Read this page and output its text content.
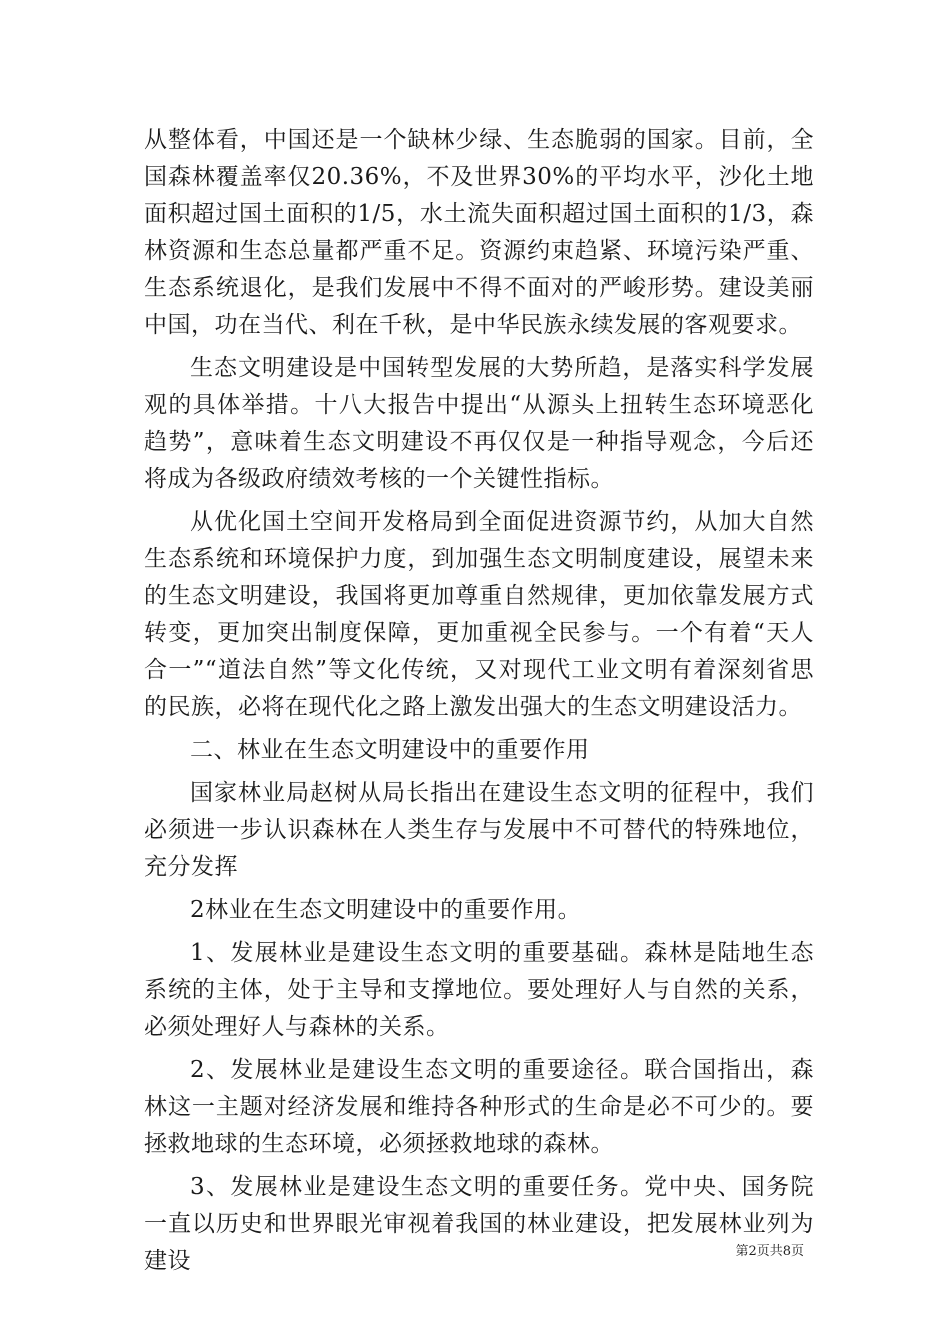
从整体看，中国还是一个缺林少绿、生态脆弱的国家。目前，全国森林覆盖率仅20.36%，不及世界30%的平均水平，沙化土地面积超过国土面积的1/5，水土流失面积超过国土面积的1/3，森林资源和生态总量都严重不足。资源约束趋紧、环境污染严重、生态系统退化，是我们发展中不得不面对的严峻形势。建设美丽中国，功在当代、利在千秋，是中华民族永续发展的客观要求。

生态文明建设是中国转型发展的大势所趋，是落实科学发展观的具体举措。十八大报告中提出“从源头上扭转生态环境恶化趋势”，意味着生态文明建设不再仅仅是一种指导观念，今后还将成为各级政府绩效考核的一个关键性指标。

从优化国土空间开发格局到全面促进资源节约，从加大自然生态系统和环境保护力度，到加强生态文明制度建设，展望未来的生态文明建设，我国将更加尊重自然规律，更加依靠发展方式转变，更加突出制度保障，更加重视全民参与。一个有着“天人合一”“道法自然”等文化传统，又对现代工业文明有着深刻省思的民族，必将在现代化之路上激发出强大的生态文明建设活力。

二、林业在生态文明建设中的重要作用

国家林业局赵树从局长指出在建设生态文明的征程中，我们必须进一步认识森林在人类生存与发展中不可替代的特殊地位，充分发挥

2林业在生态文明建设中的重要作用。

1、发展林业是建设生态文明的重要基础。森林是陆地生态系统的主体，处于主导和支撑地位。要处理好人与自然的关系，必须处理好人与森林的关系。

2、发展林业是建设生态文明的重要途径。联合国指出，森林这一主题对经济发展和维持各种形式的生命是必不可少的。要拯救地球的生态环境，必须拯救地球的森林。

3、发展林业是建设生态文明的重要任务。党中央、国务院一直以历史和世界眼光审视着我国的林业建设，把发展林业列为建设	第2页共8页
